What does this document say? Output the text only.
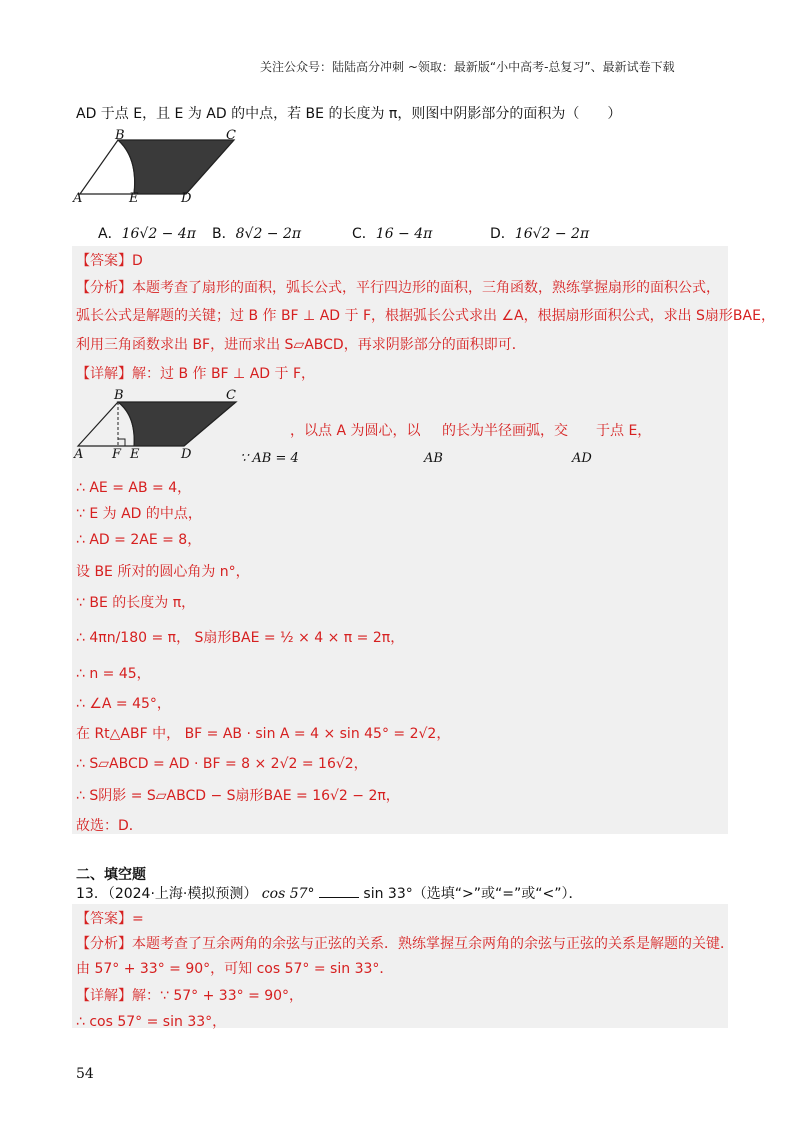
关注公众号：陆陆高分冲刺 ~领取：最新版“小中高考-总复习”、最新试卷下载
AD 于点 E，且 E 为 AD 的中点，若 BE 的长度为 π，则图中阴影部分的面积为（　　）
B	C
A	E	D
A．16√2 − 4π B．8√2 − 2π	C．16 − 4π	D．16√2 − 2π
【答案】D
【分析】本题考查了扇形的面积，弧长公式，平行四边形的面积，三角函数，熟练掌握扇形的面积公式，
弧长公式是解题的关键；过 B 作 BF ⊥ AD 于 F，根据弧长公式求出 ∠A，根据扇形面积公式，求出 S扇形BAE，
利用三角函数求出 BF，进而求出 S▱ABCD，再求阴影部分的面积即可．
【详解】解：过 B 作 BF ⊥ AD 于 F，
B	C
A F E	D
，以点 A 为圆心，以 的长为半径画弧，交 于点 E，
∵ AB = 4	AB	AD
∴ AE = AB = 4，
∵ E 为 AD 的中点，
∴ AD = 2AE = 8，
设 BE 所对的圆心角为 n°，
∵ BE 的长度为 π，
∴ 4πn/180 = π， S扇形BAE = ½ × 4 × π = 2π，
∴ n = 45，
∴ ∠A = 45°，
在 Rt△ABF 中， BF = AB · sin A = 4 × sin 45° = 2√2，
∴ S▱ABCD = AD · BF = 8 × 2√2 = 16√2，
∴ S阴影 = S▱ABCD − S扇形BAE = 16√2 − 2π，
故选：D．
二、填空题
13．（2024·上海·模拟预测） cos 57°	sin 33°（选填“>”或“=”或“<”）．
【答案】=
【分析】本题考查了互余两角的余弦与正弦的关系．熟练掌握互余两角的余弦与正弦的关系是解题的关键．
由 57° + 33° = 90°，可知 cos 57° = sin 33°．
【详解】解：∵ 57° + 33° = 90°，
∴ cos 57° = sin 33°，
54
